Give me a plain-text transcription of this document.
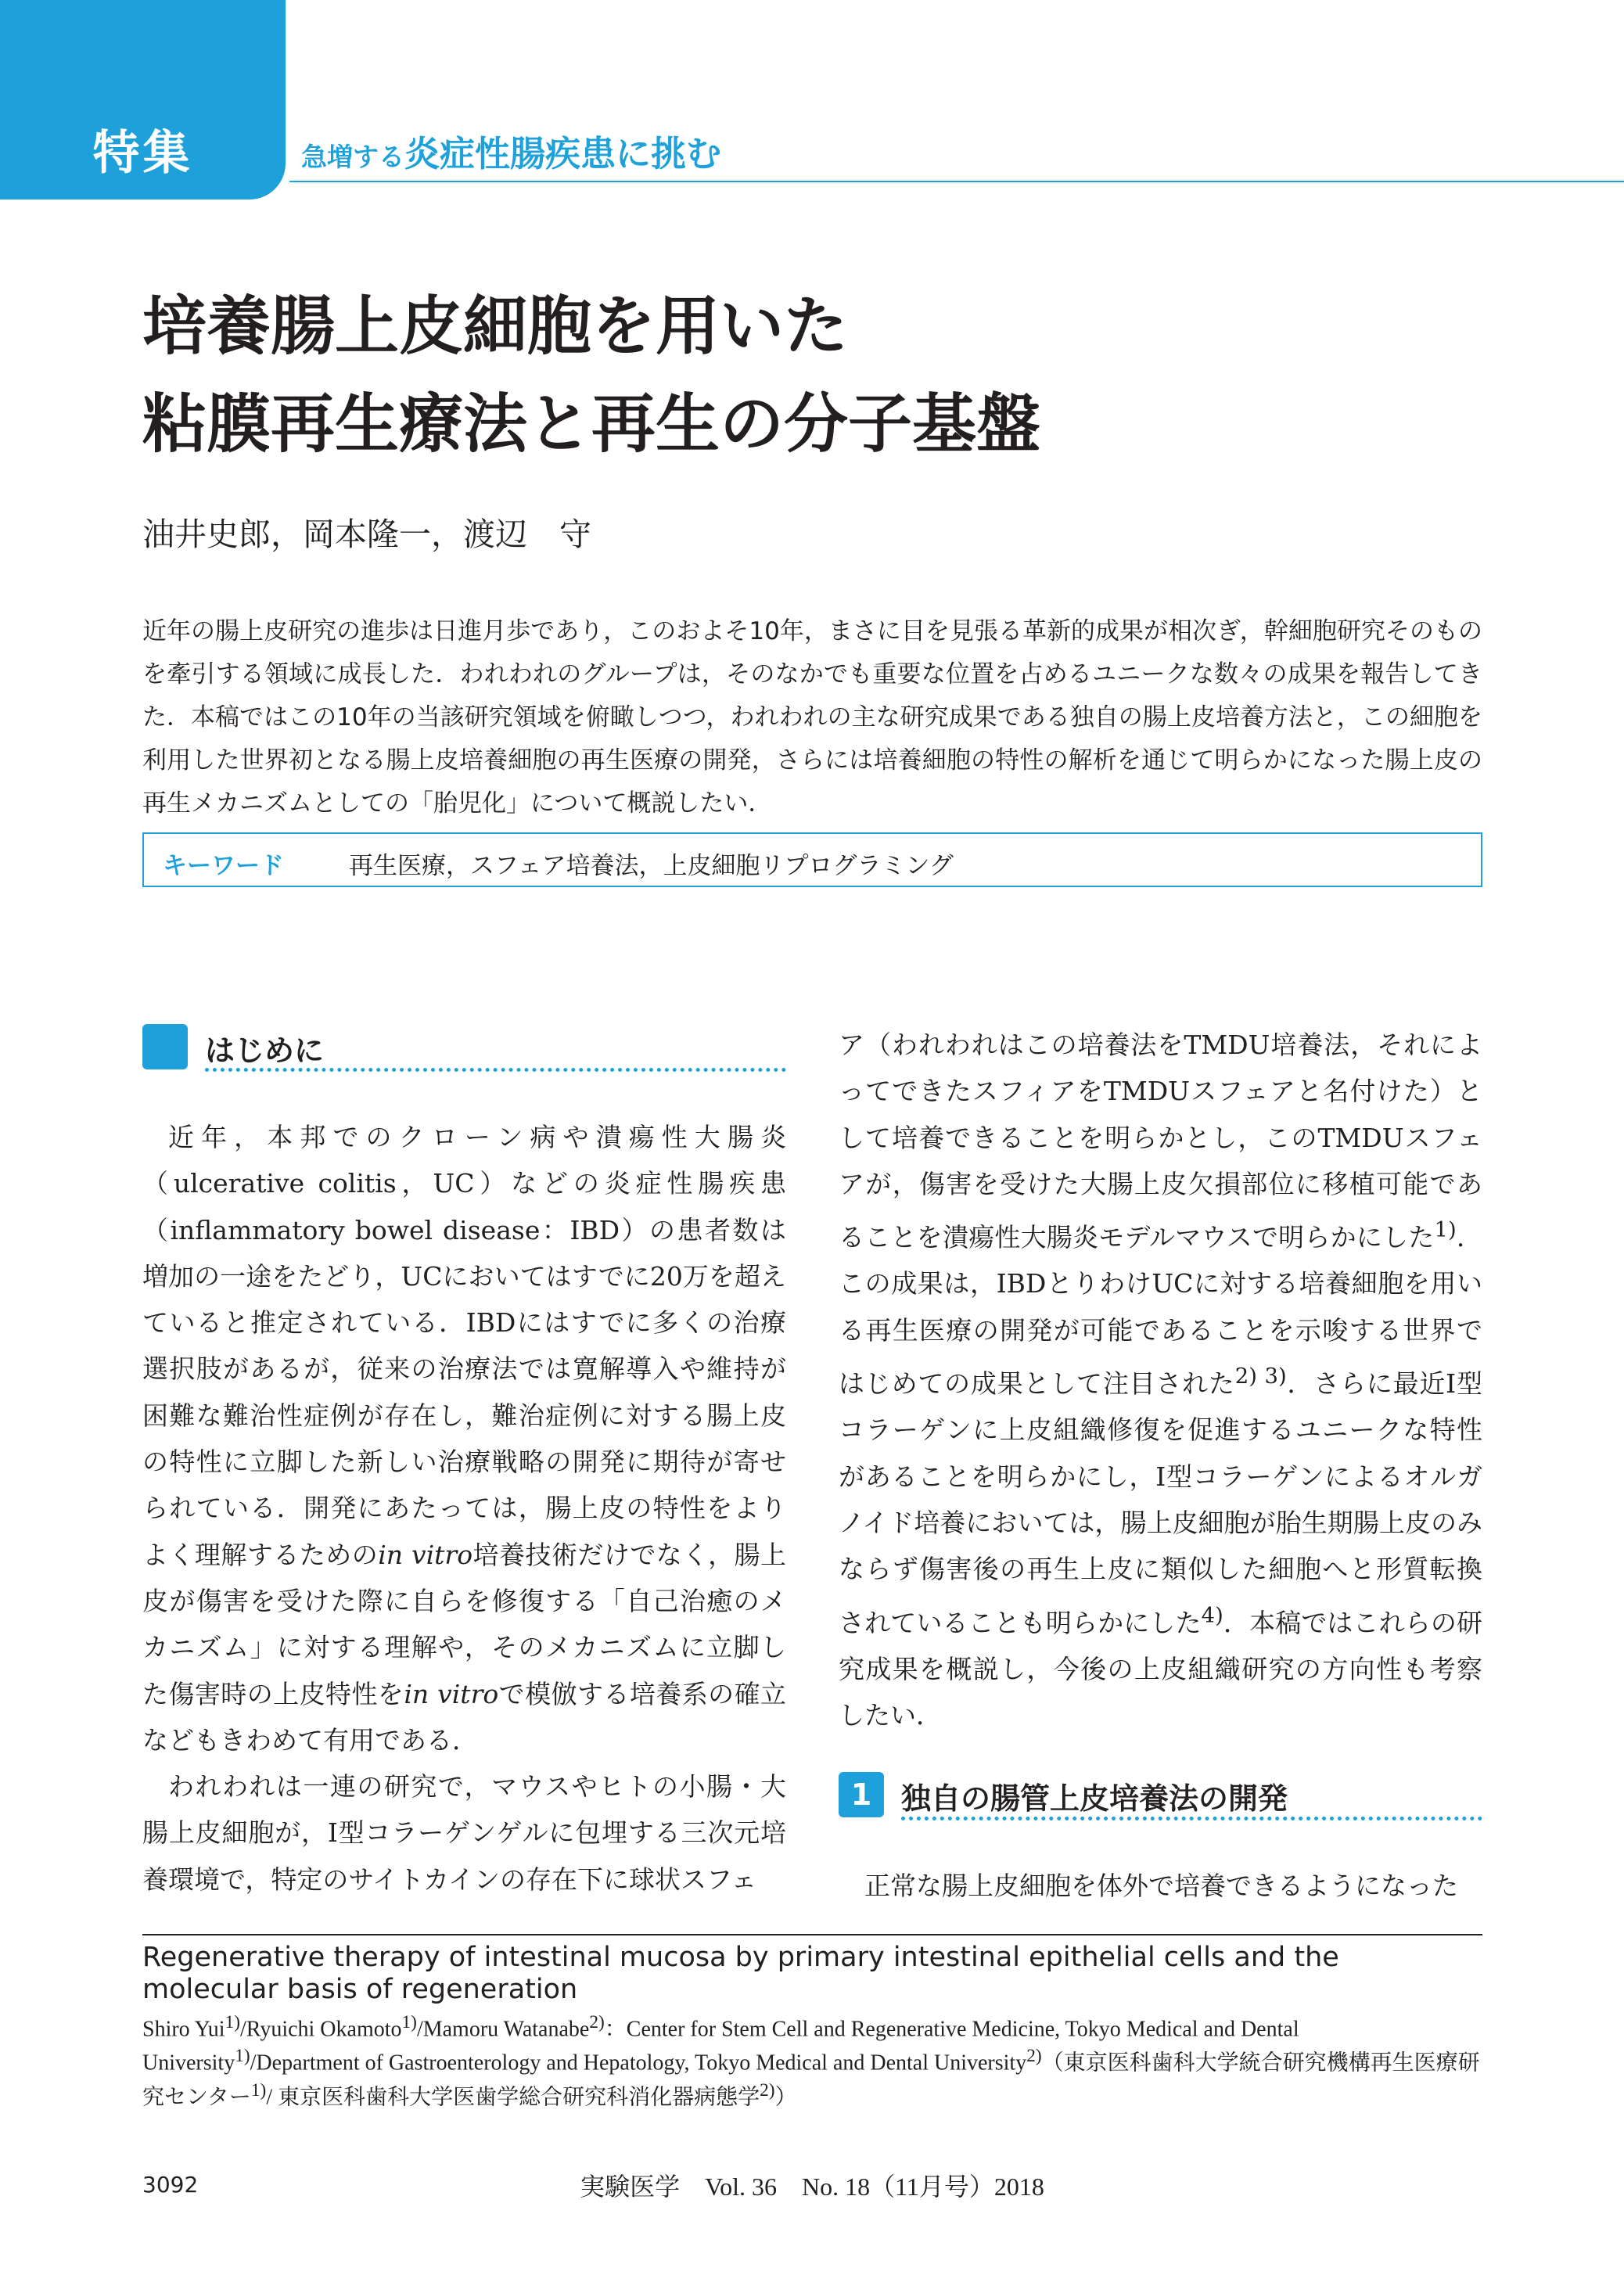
特集	急増する炎症性腸疾患に挑む
培養腸上皮細胞を用いた
粘膜再生療法と再生の分子基盤
油井史郎，岡本隆一，渡辺　守
近年の腸上皮研究の進歩は日進月歩であり，このおよそ10年，まさに目を見張る革新的成果が相次ぎ，幹細胞研究そのものを牽引する領域に成長した．われわれのグループは，そのなかでも重要な位置を占めるユニークな数々の成果を報告してきた．本稿ではこの10年の当該研究領域を俯瞰しつつ，われわれの主な研究成果である独自の腸上皮培養方法と，この細胞を利用した世界初となる腸上皮培養細胞の再生医療の開発，さらには培養細胞の特性の解析を通じて明らかになった腸上皮の再生メカニズムとしての「胎児化」について概説したい．
キーワード	再生医療，スフェア培養法，上皮細胞リプログラミング
はじめに

近年，本邦でのクローン病や潰瘍性大腸炎（ulcerative colitis，UC）などの炎症性腸疾患（inflammatory bowel disease：IBD）の患者数は増加の一途をたどり，UCにおいてはすでに20万を超えていると推定されている．IBDにはすでに多くの治療選択肢があるが，従来の治療法では寛解導入や維持が困難な難治性症例が存在し，難治症例に対する腸上皮の特性に立脚した新しい治療戦略の開発に期待が寄せられている．開発にあたっては，腸上皮の特性をよりよく理解するためのin vitro培養技術だけでなく，腸上皮が傷害を受けた際に自らを修復する「自己治癒のメカニズム」に対する理解や，そのメカニズムに立脚した傷害時の上皮特性をin vitroで模倣する培養系の確立などもきわめて有用である．

われわれは一連の研究で，マウスやヒトの小腸・大腸上皮細胞が，Ⅰ型コラーゲンゲルに包埋する三次元培養環境で，特定のサイトカインの存在下に球状スフェ

ア（われわれはこの培養法をTMDU培養法，それによってできたスフィアをTMDUスフェアと名付けた）として培養できることを明らかとし，このTMDUスフェアが，傷害を受けた大腸上皮欠損部位に移植可能であることを潰瘍性大腸炎モデルマウスで明らかにした$^{1)}$．この成果は，IBDとりわけUCに対する培養細胞を用いる再生医療の開発が可能であることを示唆する世界ではじめての成果として注目された$^{2) 3)}$．さらに最近Ⅰ型コラーゲンに上皮組織修復を促進するユニークな特性があることを明らかにし，Ⅰ型コラーゲンによるオルガノイド培養においては，腸上皮細胞が胎生期腸上皮のみならず傷害後の再生上皮に類似した細胞へと形質転換されていることも明らかにした$^{4)}$．本稿ではこれらの研究成果を概説し，今後の上皮組織研究の方向性も考察したい．

1 独自の腸管上皮培養法の開発

正常な腸上皮細胞を体外で培養できるようになった

Regenerative therapy of intestinal mucosa by primary intestinal epithelial cells and the molecular basis of regeneration
Shiro Yui$^{1)}$/Ryuichi Okamoto$^{1)}$/Mamoru Watanabe$^{2)}$：Center for Stem Cell and Regenerative Medicine, Tokyo Medical and Dental University$^{1)}$/Department of Gastroenterology and Hepatology, Tokyo Medical and Dental University$^{2)}$（東京医科歯科大学統合研究機構再生医療研究センター$^{1)}$/ 東京医科歯科大学医歯学総合研究科消化器病態学$^{2)}$）
3092	実験医学　Vol. 36　No. 18（11月号）2018
